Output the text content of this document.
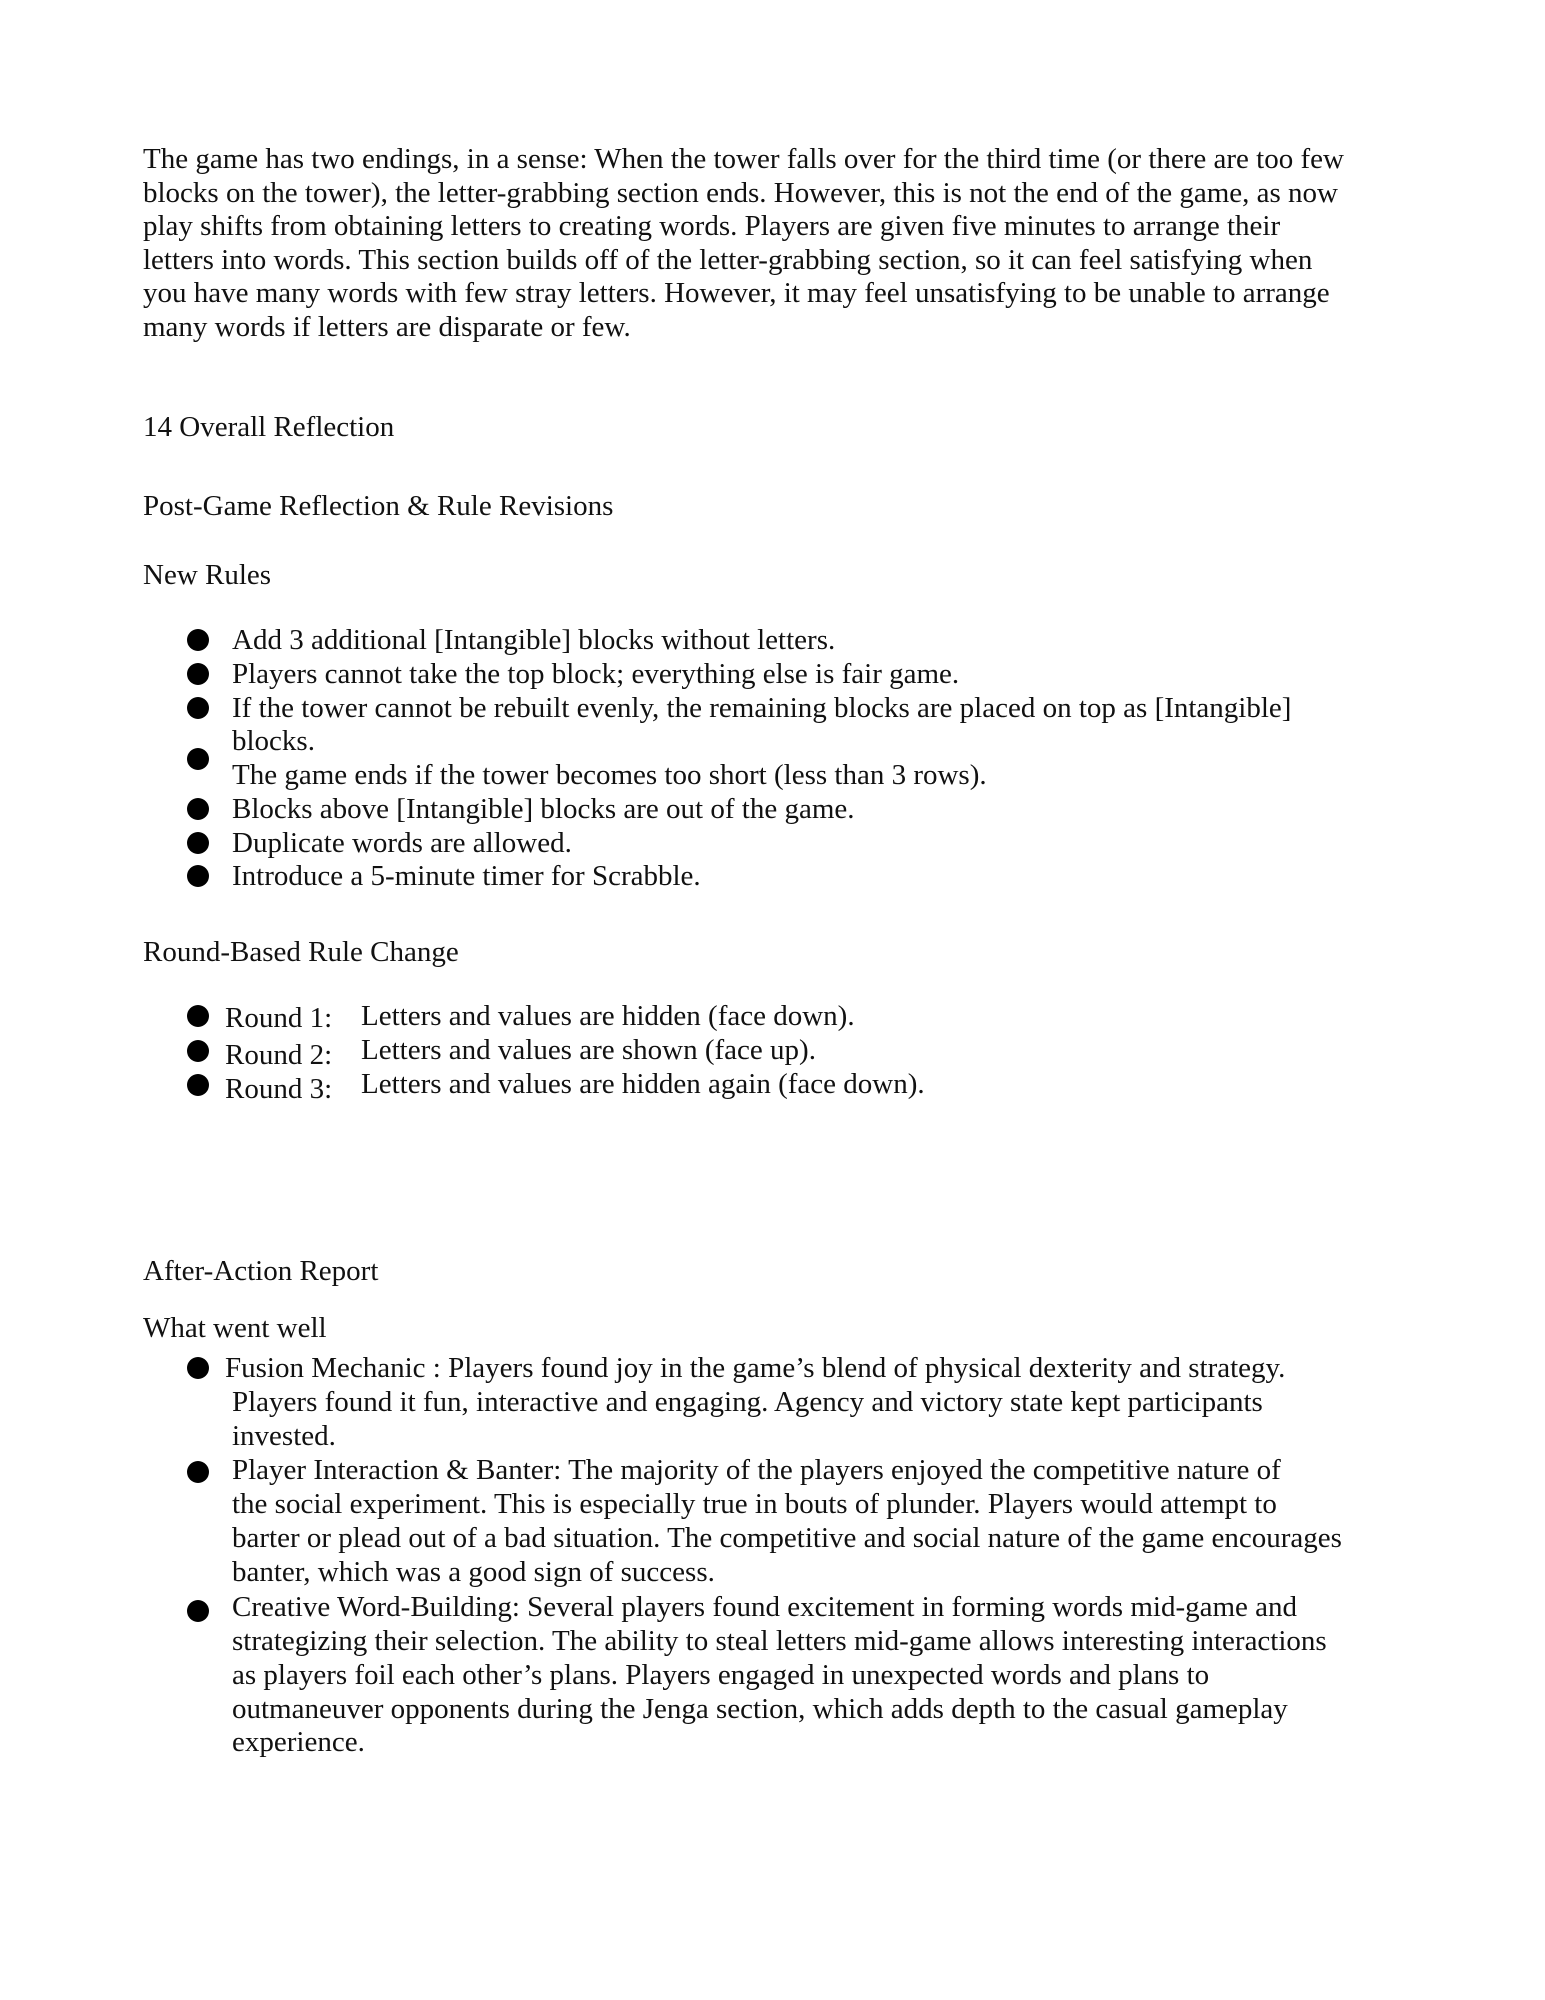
The game has two endings, in a sense: When the tower falls over for the third time (or there are too few
blocks on the tower), the letter-grabbing section ends. However, this is not the end of the game, as now
play shifts from obtaining letters to creating words. Players are given five minutes to arrange their
letters into words. This section builds off of the letter-grabbing section, so it can feel satisfying when
you have many words with few stray letters. However, it may feel unsatisfying to be unable to arrange
many words if letters are disparate or few.
14 Overall Reflection
Post-Game Reflection & Rule Revisions
New Rules
Add 3 additional [Intangible] blocks without letters.
Players cannot take the top block; everything else is fair game.
If the tower cannot be rebuilt evenly, the remaining blocks are placed on top as [Intangible]
blocks.
The game ends if the tower becomes too short (less than 3 rows).
Blocks above [Intangible] blocks are out of the game.
Duplicate words are allowed.
Introduce a 5-minute timer for Scrabble.
Round-Based Rule Change
Round 1: Letters and values are hidden (face down).
Round 2: Letters and values are shown (face up).
Round 3: Letters and values are hidden again (face down).
After-Action Report
What went well
Fusion Mechanic : Players found joy in the game’s blend of physical dexterity and strategy.
Players found it fun, interactive and engaging. Agency and victory state kept participants
invested.
Player Interaction & Banter: The majority of the players enjoyed the competitive nature of
the social experiment. This is especially true in bouts of plunder. Players would attempt to
barter or plead out of a bad situation. The competitive and social nature of the game encourages
banter, which was a good sign of success.
Creative Word-Building: Several players found excitement in forming words mid-game and
strategizing their selection. The ability to steal letters mid-game allows interesting interactions
as players foil each other’s plans. Players engaged in unexpected words and plans to
outmaneuver opponents during the Jenga section, which adds depth to the casual gameplay
experience.
